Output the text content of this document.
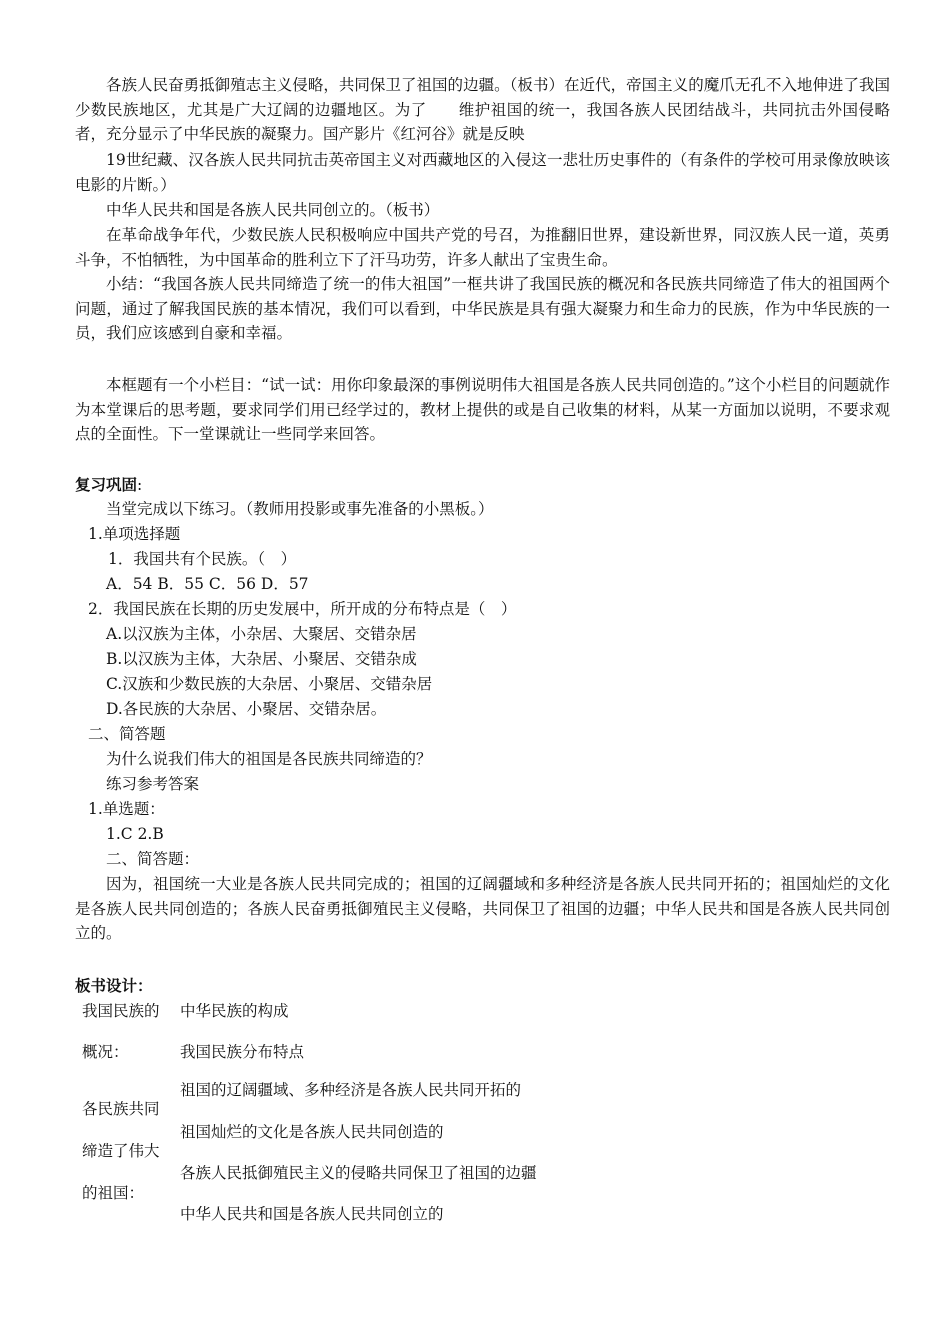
各族人民奋勇抵御殖志主义侵略，共同保卫了祖国的边疆。（板书）在近代，帝国主义的魔爪无孔不入地伸进了我国少数民族地区，尤其是广大辽阔的边疆地区。为了　　维护祖国的统一，我国各族人民团结战斗，共同抗击外国侵略者，充分显示了中华民族的凝聚力。国产影片《红河谷》就是反映

19世纪藏、汉各族人民共同抗击英帝国主义对西藏地区的入侵这一悲壮历史事件的（有条件的学校可用录像放映该电影的片断。）

中华人民共和国是各族人民共同创立的。（板书）

在革命战争年代，少数民族人民积极响应中国共产党的号召，为推翻旧世界，建设新世界，同汉族人民一道，英勇斗争，不怕牺牲，为中国革命的胜利立下了汗马功劳，许多人献出了宝贵生命。

小结：“我国各族人民共同缔造了统一的伟大祖国”一框共讲了我国民族的概况和各民族共同缔造了伟大的祖国两个问题，通过了解我国民族的基本情况，我们可以看到，中华民族是具有强大凝聚力和生命力的民族，作为中华民族的一员，我们应该感到自豪和幸福。

本框题有一个小栏目：“试一试：用你印象最深的事例说明伟大祖国是各族人民共同创造的。”这个小栏目的问题就作为本堂课后的思考题，要求同学们用已经学过的，教材上提供的或是自己收集的材料，从某一方面加以说明，不要求观点的全面性。下一堂课就让一些同学来回答。

复习巩固:

当堂完成以下练习。（教师用投影或事先准备的小黑板。）

1.单项选择题

1．我国共有个民族。（　）

A．54 B．55 C．56 D．57

2．我国民族在长期的历史发展中，所开成的分布特点是（　）

A.以汉族为主体，小杂居、大聚居、交错杂居

B.以汉族为主体，大杂居、小聚居、交错杂成

C.汉族和少数民族的大杂居、小聚居、交错杂居

D.各民族的大杂居、小聚居、交错杂居。

二、简答题

为什么说我们伟大的祖国是各民族共同缔造的？

练习参考答案

1.单选题：

1.C 2.B

二、简答题：

因为，祖国统一大业是各族人民共同完成的；祖国的辽阔疆域和多种经济是各族人民共同开拓的；祖国灿烂的文化是各族人民共同创造的；各族人民奋勇抵御殖民主义侵略，共同保卫了祖国的边疆；中华人民共和国是各族人民共同创立的。

板书设计：

我国民族的

概况：

中华民族的构成

我国民族分布特点

各民族共同

缔造了伟大

的祖国：

祖国的辽阔疆域、多种经济是各族人民共同开拓的

祖国灿烂的文化是各族人民共同创造的

各族人民抵御殖民主义的侵略共同保卫了祖国的边疆

中华人民共和国是各族人民共同创立的
